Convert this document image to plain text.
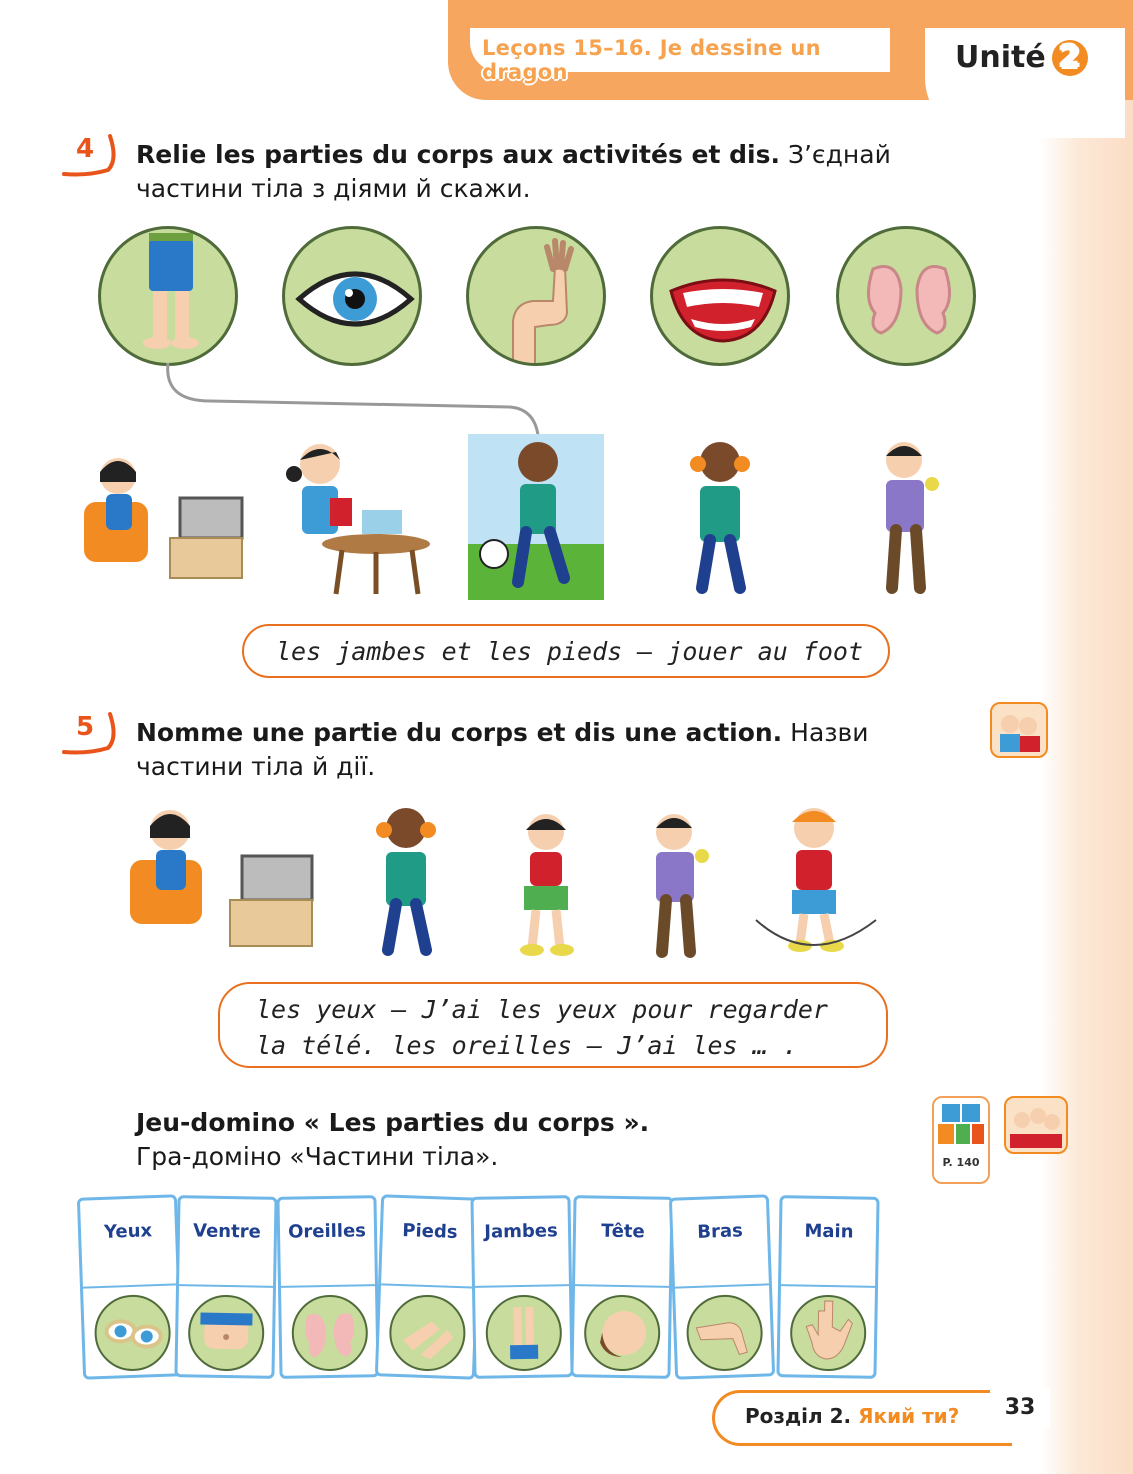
Leçons 15–16. Je dessine un dragon	Unité 2
4 Relie les parties du corps aux activités et dis. З’єднай частини тіла з діями й скажи.
les jambes et les pieds — jouer au foot
5 Nomme une partie du corps et dis une action. Назви частини тіла й дії.
les yeux — J’ai les yeux pour regarder
la télé. les oreilles — J’ai les … .
Jeu-domino « Les parties du corps ».
Гра-доміно «Частини тіла».	P. 140
Yeux	Ventre	Oreilles	Pieds	Jambes	Tête	Bras	Main
Розділ 2. Який ти?	33
